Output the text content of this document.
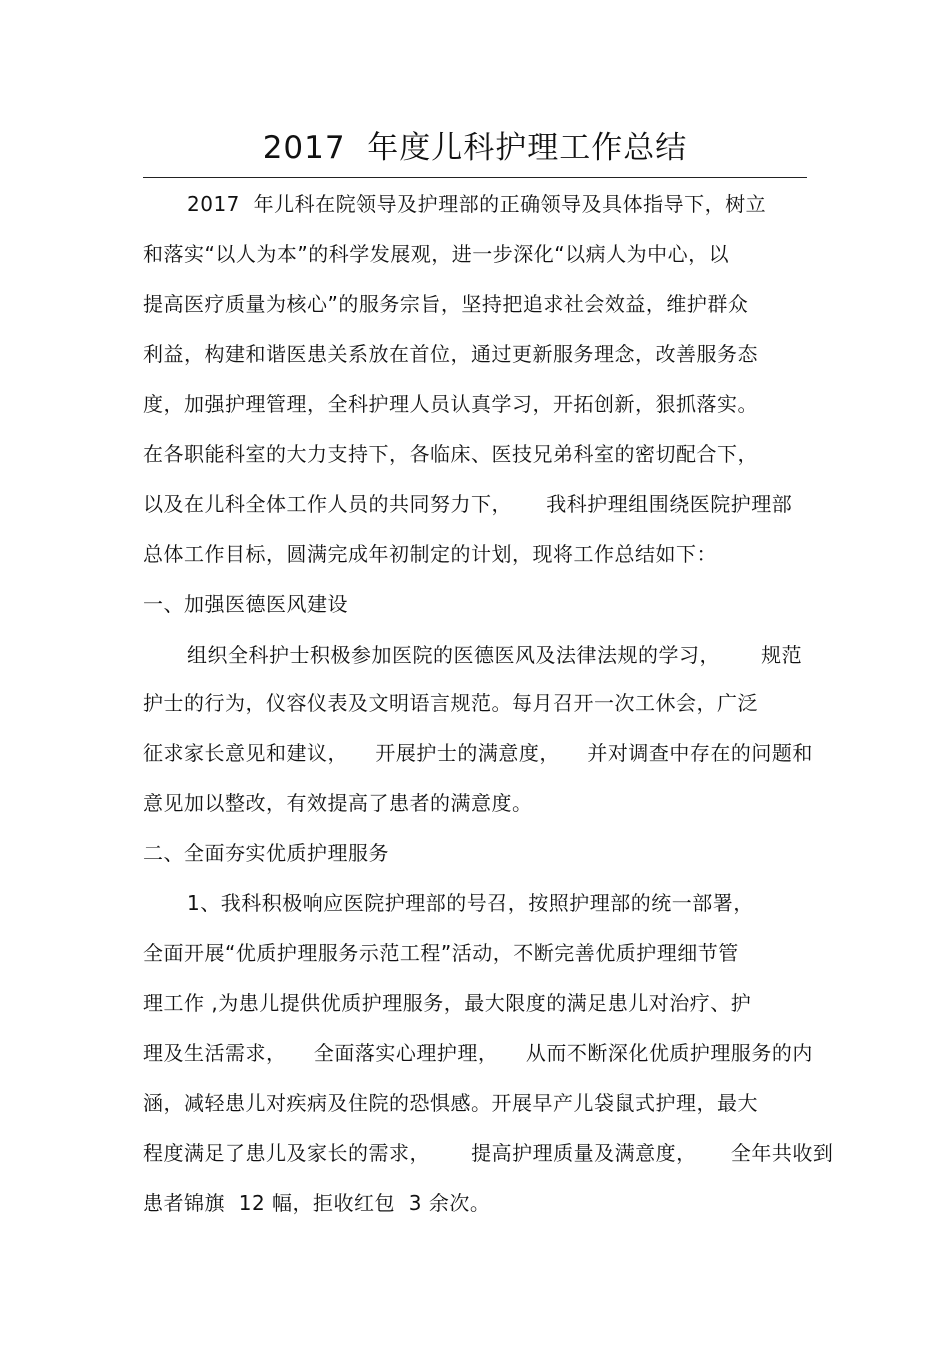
2017  年度儿科护理工作总结
2017  年儿科在院领导及护理部的正确领导及具体指导下，树立
和落实“以人为本”的科学发展观，进一步深化“以病人为中心，以
提高医疗质量为核心”的服务宗旨，坚持把追求社会效益，维护群众
利益，构建和谐医患关系放在首位，通过更新服务理念，改善服务态
度，加强护理管理，全科护理人员认真学习，开拓创新，狠抓落实。
在各职能科室的大力支持下，各临床、医技兄弟科室的密切配合下，
以及在儿科全体工作人员的共同努力下，     我科护理组围绕医院护理部
总体工作目标，圆满完成年初制定的计划，现将工作总结如下：
一、加强医德医风建设
组织全科护士积极参加医院的医德医风及法律法规的学习，      规范
护士的行为，仪容仪表及文明语言规范。每月召开一次工休会，广泛
征求家长意见和建议，    开展护士的满意度，    并对调查中存在的问题和
意见加以整改，有效提高了患者的满意度。
二、全面夯实优质护理服务
1、我科积极响应医院护理部的号召，按照护理部的统一部署，
全面开展“优质护理服务示范工程”活动，不断完善优质护理细节管
理工作 ,为患儿提供优质护理服务，最大限度的满足患儿对治疗、护
理及生活需求，    全面落实心理护理，    从而不断深化优质护理服务的内
涵，减轻患儿对疾病及住院的恐惧感。开展早产儿袋鼠式护理，最大
程度满足了患儿及家长的需求，      提高护理质量及满意度，     全年共收到
患者锦旗  12 幅，拒收红包  3 余次。
